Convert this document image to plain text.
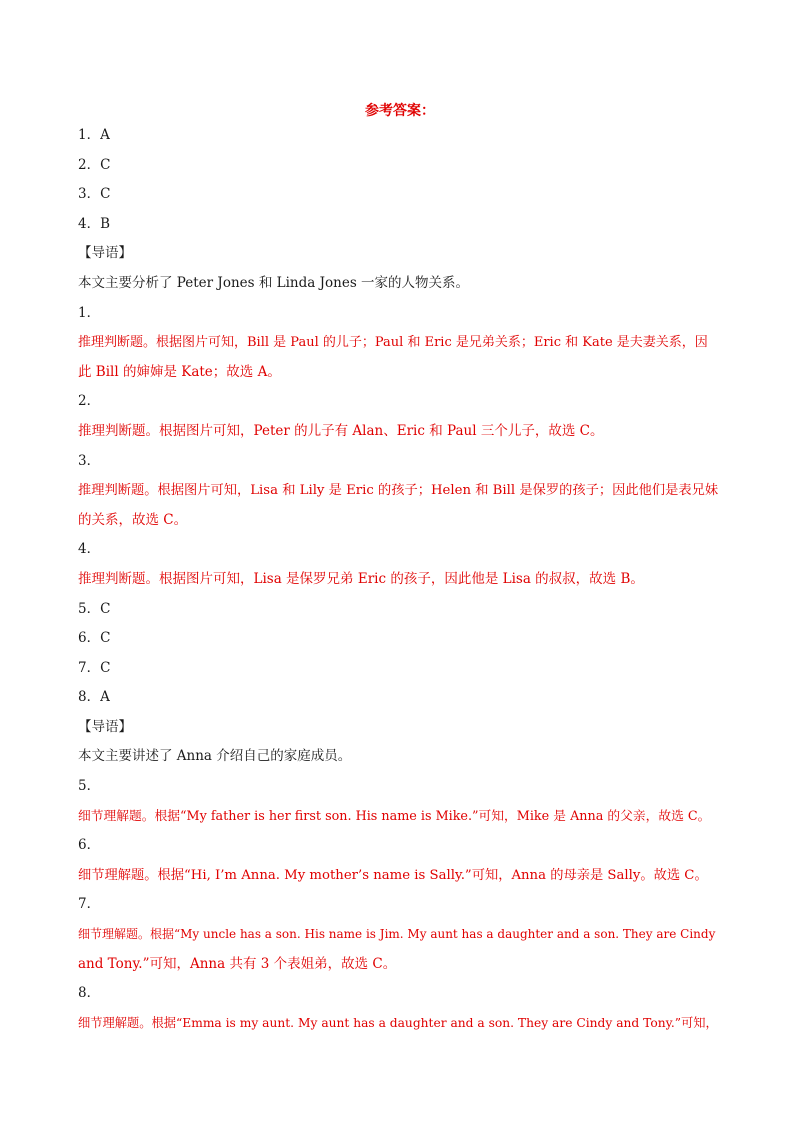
参考答案：
1．A
2．C
3．C
4．B
【导语】
本文主要分析了 Peter Jones 和 Linda Jones 一家的人物关系。
1．
推理判断题。根据图片可知，Bill 是 Paul 的儿子；Paul 和 Eric 是兄弟关系；Eric 和 Kate 是夫妻关系，因
此 Bill 的婶婶是 Kate；故选 A。
2．
推理判断题。根据图片可知，Peter 的儿子有 Alan、Eric 和 Paul 三个儿子，故选 C。
3．
推理判断题。根据图片可知，Lisa 和 Lily 是 Eric 的孩子；Helen 和 Bill 是保罗的孩子；因此他们是表兄妹
的关系，故选 C。
4．
推理判断题。根据图片可知，Lisa 是保罗兄弟 Eric 的孩子，因此他是 Lisa 的叔叔，故选 B。
5．C
6．C
7．C
8．A
【导语】
本文主要讲述了 Anna 介绍自己的家庭成员。
5．
细节理解题。根据“My father is her first son. His name is Mike.”可知，Mike 是 Anna 的父亲，故选 C。
6．
细节理解题。根据“Hi, I’m Anna. My mother’s name is Sally.”可知，Anna 的母亲是 Sally。故选 C。
7．
细节理解题。根据“My uncle has a son. His name is Jim. My aunt has a daughter and a son. They are Cindy
and Tony.”可知，Anna 共有 3 个表姐弟，故选 C。
8．
细节理解题。根据“Emma is my aunt. My aunt has a daughter and a son. They are Cindy and Tony.”可知，
